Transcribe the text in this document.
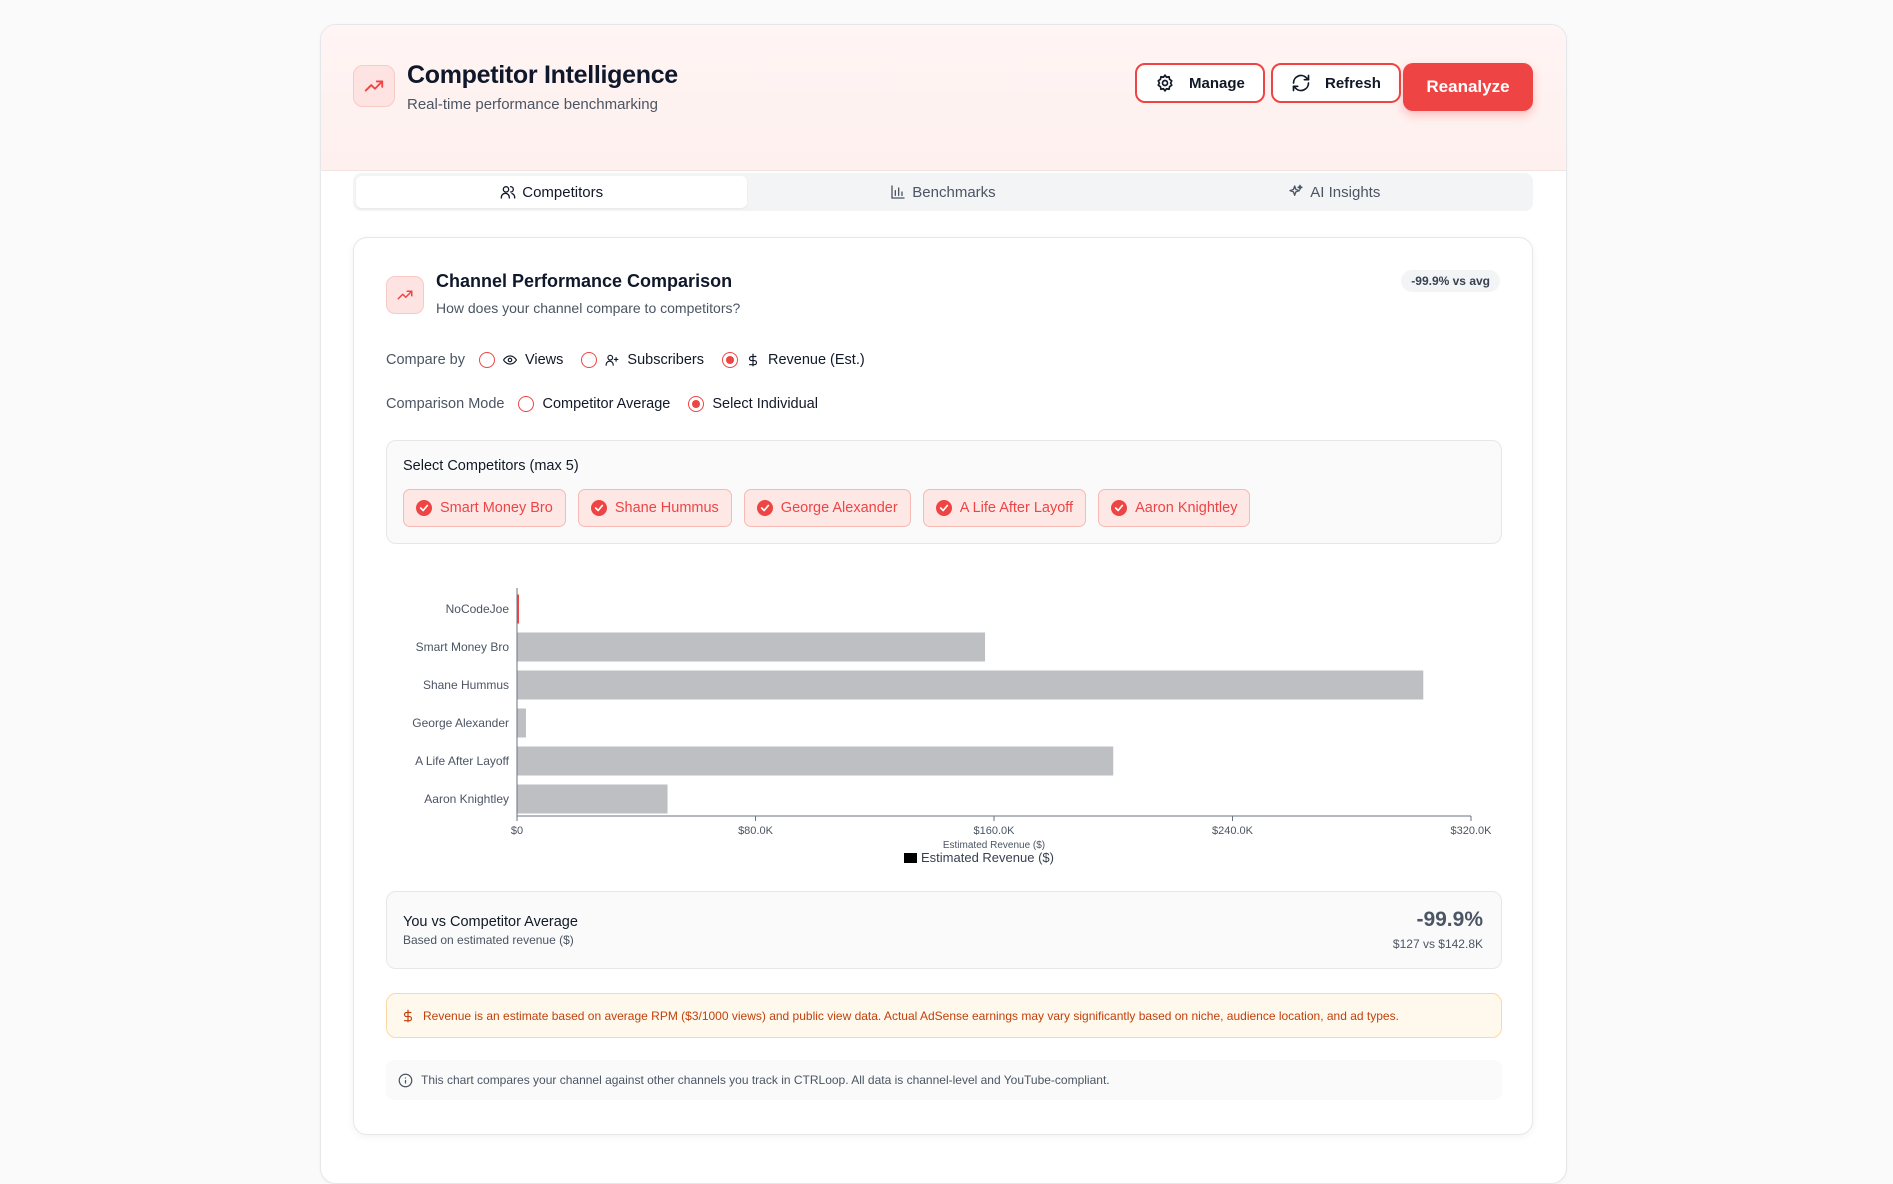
Competitor Intelligence
Real-time performance benchmarking
Manage	Refresh	Reanalyze
Competitors	Benchmarks	AI Insights
Channel Performance Comparison
How does your channel compare to competitors?
-99.9% vs avg
Compare by	Views	Subscribers	Revenue (Est.)
Comparison Mode	Competitor Average	Select Individual
Select Competitors (max 5)
Smart Money Bro	Shane Hummus	George Alexander	A Life After Layoff	Aaron Knightley
NoCodeJoe
Smart Money Bro
Shane Hummus
George Alexander
A Life After Layoff
Aaron Knightley
$0	$80.0K	$160.0K	$240.0K	$320.0K
Estimated Revenue ($)
Estimated Revenue ($)
You vs Competitor Average
Based on estimated revenue ($)
-99.9%
$127 vs $142.8K
Revenue is an estimate based on average RPM ($3/1000 views) and public view data. Actual AdSense earnings may vary significantly based on niche, audience location, and ad types.
This chart compares your channel against other channels you track in CTRLoop. All data is channel-level and YouTube-compliant.
